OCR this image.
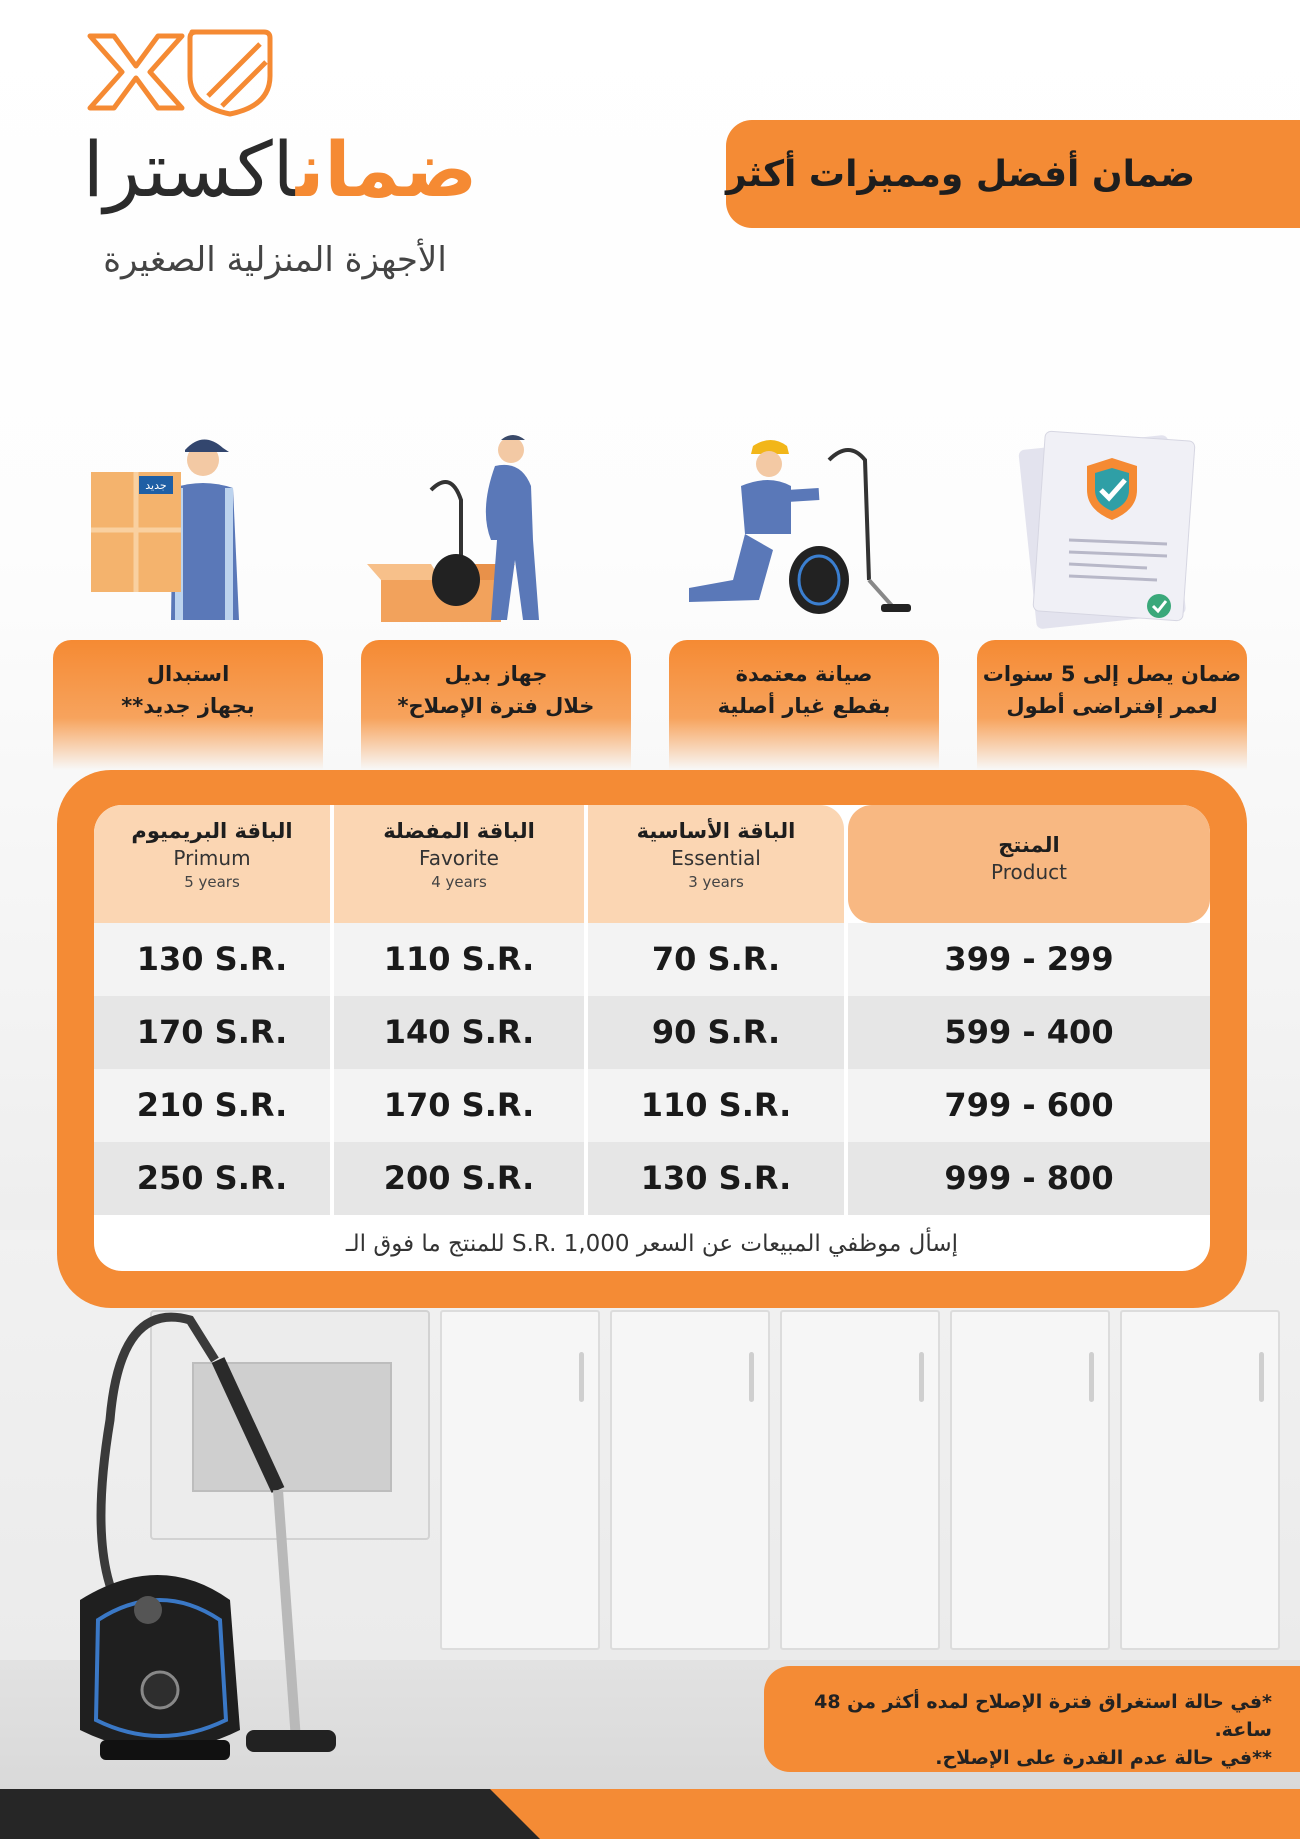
ضماناكسترا
الأجهزة المنزلية الصغيرة
ضمان أفضل ومميزات أكثر
ضمان يصل إلى 5 سنوات
لعمر إفتراضى أطول
صيانة معتمدة
بقطع غيار أصلية
جهاز بديل
خلال فترة الإصلاح*
جديد
استبدال
بجهاز جديد**
الباقة البريميوم
Primum
5 years
الباقة المفضلة
Favorite
4 years
الباقة الأساسية
Essential
3 years
المنتج
Product
130 S.R.	110 S.R.	70 S.R.	399 - 299
170 S.R.	140 S.R.	90 S.R.	599 - 400
210 S.R.	170 S.R.	110 S.R.	799 - 600
250 S.R.	200 S.R.	130 S.R.	999 - 800
للمنتج ما فوق الـ S.R. 1,000 إسأل موظفي المبيعات عن السعر
*في حالة استغراق فترة الإصلاح لمده أكثر من 48 ساعة.
**في حالة عدم القدرة على الإصلاح.
